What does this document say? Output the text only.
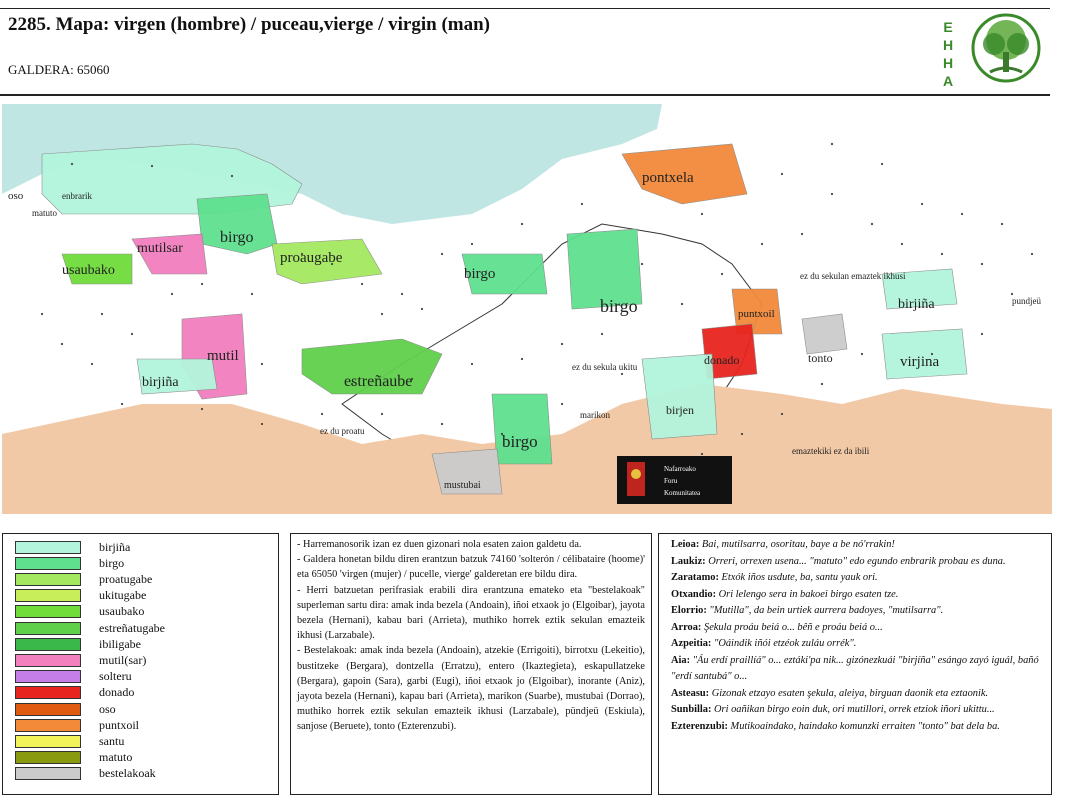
2285. Mapa: virgen (hombre) / puceau,vierge / virgin (man)
GALDERA: 65060
E
H
H
A
oso
usaubako
mutilsar
birgo
proaugabe
birgo
birgo
pontxela
puntxoil
donado
mutil
birjiña	estreñaube
birgo
birjen
tonto
birjiña
virjina
mustubai
ez du sekulan emaztek ikhusi
emaztekiki ez da ibili
ez du proatu
ez du sekula ukitu
marikon
pundjeü
matuto
enbrarik
Nafarroako
Foru
Komunitatea
birjiña
birgo
proatugabe
ukitugabe
usaubako
estreñatugabe
ibiligabe
mutil(sar)
solteru
donado
oso
puntxoil
santu
matuto
bestelakoak

- Harremanosorik izan ez duen gizonari nola esaten zaion galdetu da.

- Galdera honetan bildu diren erantzun batzuk 74160 'solterón / célibataire (hoome)' eta 65050 'virgen (mujer) / pucelle, vierge' galderetan ere bildu dira.

- Herri batzuetan perifrasiak erabili dira erantzuna emateko eta "bestelakoak" superleman sartu dira: amak inda bezela (Andoain), iñoi etxaok jo (Elgoibar), jayota bezela (Hernani), kabau bari (Arrieta), muthiko horrek eztik sekulan emazteik ikhusi (Larzabale).

- Bestelakoak: amak inda bezela (Andoain), atzekie (Errigoiti), birrotxu (Lekeitio), bustitzeke (Bergara), dontzella (Erratzu), entero (Ikaztegieta), eskapullatzeke (Bergara), gapoin (Sara), garbi (Eugi), iñoi etxaok jo (Elgoibar), inorante (Aniz), jayota bezela (Hernani), kapau bari (Arrieta), marikon (Suarbe), mustubai (Dorrao), muthiko horrek eztik sekulan emazteik ikhusi (Larzabale), pündjeü (Eskiula), sanjose (Beruete), tonto (Ezterenzubi).

Leioa: Bai, mutilsarra, osoritau, baye a be nó'rrakin!
Laukiz: Orreri, orrexen usena... "matuto" edo egundo enbrarik probau es duna.
Zaratamo: Etxók iños usdute, ba, santu yauk ori.
Otxandio: Ori lelengo sera in bakoei birgo esaten tze.
Elorrio: "Mutilla", da bein urtiek aurrera badoyes, "mutilsarra".
Arroa: Şekula proáu beiá o... bêñ e proáu beiá o...
Azpeitia: "Oáindik iñói etzéok zuláu orrék".
Aia: "Áu erdí praillíá" o... eztáki'pa nik... gizónezkuái "birjíña" esángo zayó iguál, bañó "erdí santubá" o...
Asteasu: Gizonak etzayo esaten şekula, aleiya, birguan daonik eta eztaonik.
Sunbilla: Ori oañikan birgo eoin duk, ori mutillori, orrek etziok iñori ukittu...
Ezterenzubi: Mutikoaindako, haindako komunzki erraiten "tonto" bat dela ba.
